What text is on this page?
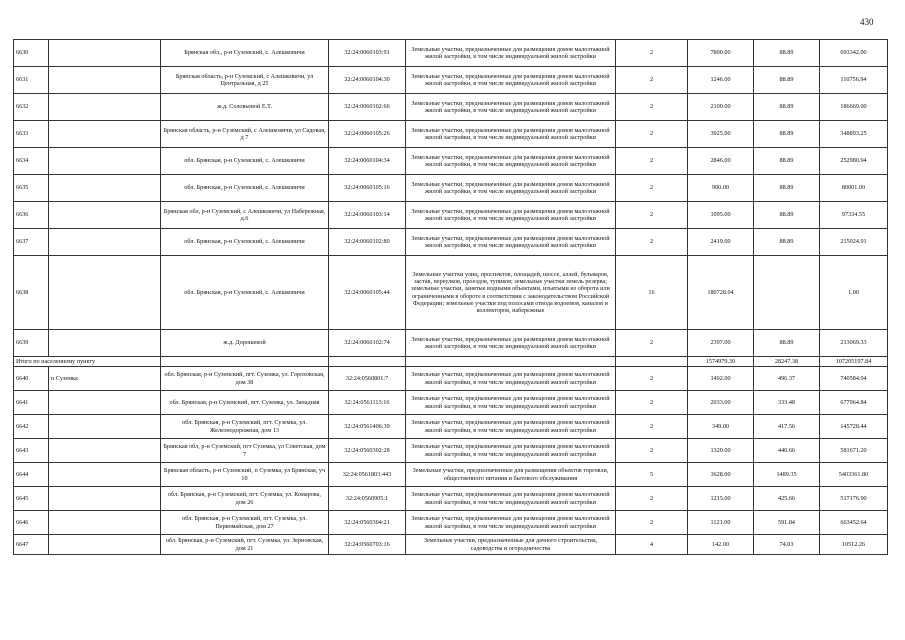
430
6630		Брянская обл., р-н Суземский, с. Алешковичи	32:24:0060103:91	Земельные участки, предназначенные для размещения домов малоэтажной жилой застройки, в том числе индивидуальной жилой застройки	2	7800.00	88.89	693342.00
6631		Брянская область, р-н Суземский, с Алешковичи, ул Центральная, д 25	32:24:0060104:30	Земельные участки, предназначенные для размещения домов малоэтажной жилой застройки, в том числе индивидуальной жилой застройки	2	1246.00	88.89	110756.94
6632		ж.д. Соловьевой Е.Т.	32:24:0060102:66	Земельные участки, предназначенные для размещения домов малоэтажной жилой застройки, в том числе индивидуальной жилой застройки	2	2100.00	88.89	186669.00
6633		Брянская область, р-н Суземский, с Алешковичи, ул Садовая, д 7	32:24:0060105:26	Земельные участки, предназначенные для размещения домов малоэтажной жилой застройки, в том числе индивидуальной жилой застройки	2	3925.00	88.89	348893.25
6634		обл. Брянская, р-н Суземский, с. Алешковичи	32:24:0060104:34	Земельные участки, предназначенные для размещения домов малоэтажной жилой застройки, в том числе индивидуальной жилой застройки	2	2846.00	88.89	252980.94
6635		обл. Брянская, р-н Суземский, с. Алешковичи	32:24:0060105:16	Земельные участки, предназначенные для размещения домов малоэтажной жилой застройки, в том числе индивидуальной жилой застройки	2	900.00	88.89	80001.00
6636		Брянская обл, р-н Суземский, с Алешковичи, ул Набережная, д.6	32:24:0060103:14	Земельные участки, предназначенные для размещения домов малоэтажной жилой застройки, в том числе индивидуальной жилой застройки	2	1095.00	88.89	97334.55
6637		обл. Брянская, р-н Суземский, с. Алешковичи	32:24:0060102:80	Земельные участки, предназначенные для размещения домов малоэтажной жилой застройки, в том числе индивидуальной жилой застройки	2	2419.00	88.89	215024.91
6638		обл. Брянская, р-н Суземский, с. Алешковичи	32:24:0060105:44	Земельные участки улиц, проспектов, площадей, шоссе, аллей, бульваров, застав, переулков, проездов, тупиков; земельные участки земель резерва; земельные участки, занятые водными объектами, изъятыми из оборота или ограниченными в обороте в соответствии с законодательством Российской Федерации; земельные участки под полосами отвода водоемов, каналов и коллекторов, набережные	16	180728.04		1.00
6639		ж.д. Дорошевой	32:24:0060102:74	Земельные участки, предназначенные для размещения домов малоэтажной жилой застройки, в том числе индивидуальной жилой застройки	2	2397.00	88.89	213069.33
Итого по населенному пункту						1574979.30	28247.38	107205197.84
6640	п Суземка	обл. Брянская, р-н Суземский, пгт. Суземка, ул. Гороховская, дом 38	32:24:0560801:7	Земельные участки, предназначенные для размещения домов малоэтажной жилой застройки, в том числе индивидуальной жилой застройки	2	1492.00	496.37	740584.04
6641		обл. Брянская, р-н Суземский, пгт. Суземка, ул. Западная	32:24:0561113:16	Земельные участки, предназначенные для размещения домов малоэтажной жилой застройки, в том числе индивидуальной жилой застройки	2	2033.00	333.48	677964.84
6642		обл. Брянская, р-н Суземский, пгт. Суземка, ул. Железнодорожная, дом 13	32:24:0561406:39	Земельные участки, предназначенные для размещения домов малоэтажной жилой застройки, в том числе индивидуальной жилой застройки	2	349.00	417.56	145728.44
6643		Брянская обл, р-н Суземский, пгт Суземка, ул Советская, дом 7	32:24:0560302:28	Земельные участки, предназначенные для размещения домов малоэтажной жилой застройки, в том числе индивидуальной жилой застройки	2	1320.00	440.66	581671.20
6644		Брянская область, р-н Суземский, п Суземка, ул Брянская, уч 10	32:24:0561803:443	Земельные участки, предназначенные для размещения объектов торговли, общественного питания и бытового обслуживания	5	3628.00	1489.35	5403361.80
6645		обл. Брянская, р-н Суземский, пгт. Суземка, ул. Комарова, дом 26	32:24:0560905:1	Земельные участки, предназначенные для размещения домов малоэтажной жилой застройки, в том числе индивидуальной жилой застройки	2	1215.00	425.66	517176.90
6646		обл. Брянская, р-н Суземский, пгт. Суземка, ул. Первомайская, дом 27	32:24:0560304:21	Земельные участки, предназначенные для размещения домов малоэтажной жилой застройки, в том числе индивидуальной жилой застройки	2	1121.00	591.84	663452.64
6647		обл. Брянская, р-н Суземский, пгт. Суземка, ул. Зерновская, дом 21	32:24:0560703:16	Земельные участки, предназначенные для дачного строительства, садоводства и огородничества	4	142.00	74.03	10512.26
